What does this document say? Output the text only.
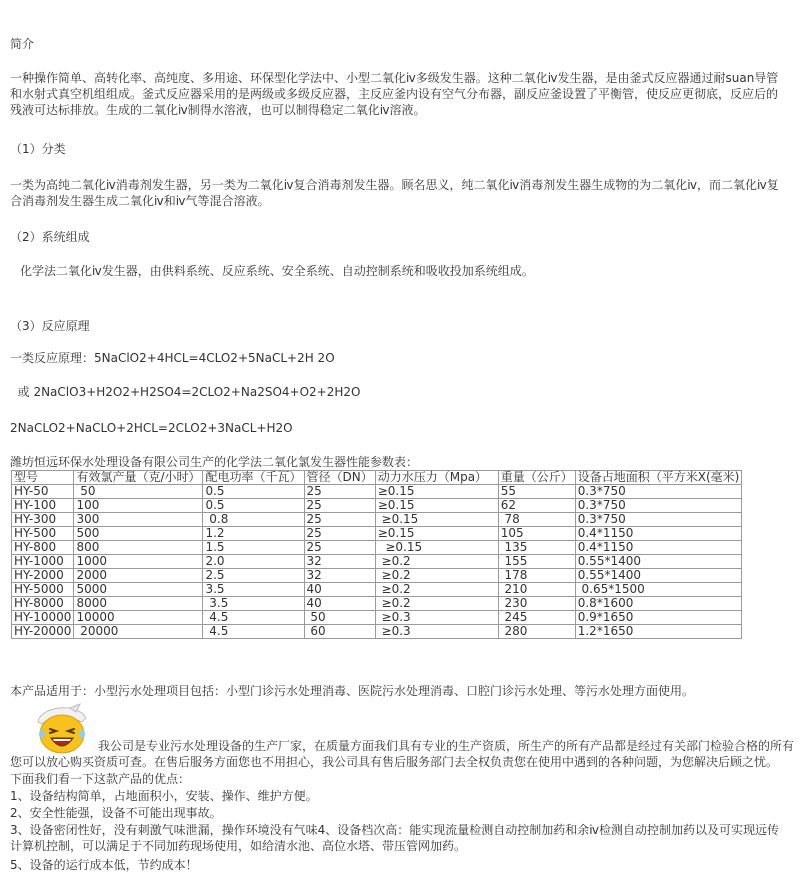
简介
一种操作简单、高转化率、高纯度、多用途、环保型化学法中、小型二氧化ⅳ多级发生器。这种二氧化ⅳ发生器，是由釜式反应器通过耐suan导管和水射式真空机组组成。釜式反应器采用的是两级或多级反应器，主反应釜内设有空气分布器，副反应釜设置了平衡管，使反应更彻底，反应后的残液可达标排放。生成的二氧化ⅳ制得水溶液，也可以制得稳定二氧化ⅳ溶液。
（1）分类
一类为高纯二氧化ⅳ消毒剂发生器，另一类为二氧化ⅳ复合消毒剂发生器。顾名思义，纯二氧化ⅳ消毒剂发生器生成物的为二氧化ⅳ，而二氧化ⅳ复合消毒剂发生器生成二氧化ⅳ和ⅳ气等混合溶液。
（2）系统组成
化学法二氧化ⅳ发生器，由供料系统、反应系统、安全系统、自动控制系统和吸收投加系统组成。
（3）反应原理
一类反应原理：5NaClO2+4HCL=4CLO2+5NaCL+2H 2O
或 2NaClO3+H2O2+H2SO4=2CLO2+Na2SO4+O2+2H2O
2NaCLO2+NaCLO+2HCL=2CLO2+3NaCL+H2O
潍坊恒远环保水处理设备有限公司生产的化学法二氧化氯发生器性能参数表：
型号	有效氯产量（克/小时）	配电功率（千瓦）	管径（DN）	动力水压力（Mpa）	重量（公斤）	设备占地面积（平方米X(毫米)
HY-50	50	0.5	25	≥0.15	55	0.3*750
HY-100	100	0.5	25	≥0.15	62	0.3*750
HY-300	300	0.8	25	≥0.15	78	0.3*750
HY-500	500	1.2	25	≥0.15	105	0.4*1150
HY-800	800	1.5	25	≥0.15	135	0.4*1150
HY-1000	1000	2.0	32	≥0.2	155	0.55*1400
HY-2000	2000	2.5	32	≥0.2	178	0.55*1400
HY-5000	5000	3.5	40	≥0.2	210	0.65*1500
HY-8000	8000	3.5	40	≥0.2	230	0.8*1600
HY-10000	10000	4.5	50	≥0.3	245	0.9*1650
HY-20000	20000	4.5	60	≥0.3	280	1.2*1650
本产品适用于：小型污水处理项目包括：小型门诊污水处理消毒、医院污水处理消毒、口腔门诊污水处理、等污水处理方面使用。
我公司是专业污水处理设备的生产厂家，在质量方面我们具有专业的生产资质，所生产的所有产品都是经过有关部门检验合格的所有
您可以放心购买资质可查。在售后服务方面您也不用担心，我公司具有售后服务部门去全权负责您在使用中遇到的各种问题，为您解决后顾之忧。
下面我们看一下这款产品的优点：
1、设备结构简单，占地面积小，安装、操作、维护方便。
2、安全性能强，设备不可能出现事故。
3、设备密闭性好，没有刺激气味泄漏，操作环境没有气味4、设备档次高：能实现流量检测自动控制加药和余ⅳ检测自动控制加药以及可实现远传计算机控制，可以满足于不同加药现场使用，如给清水池、高位水塔、带压管网加药。
5、设备的运行成本低，节约成本！
